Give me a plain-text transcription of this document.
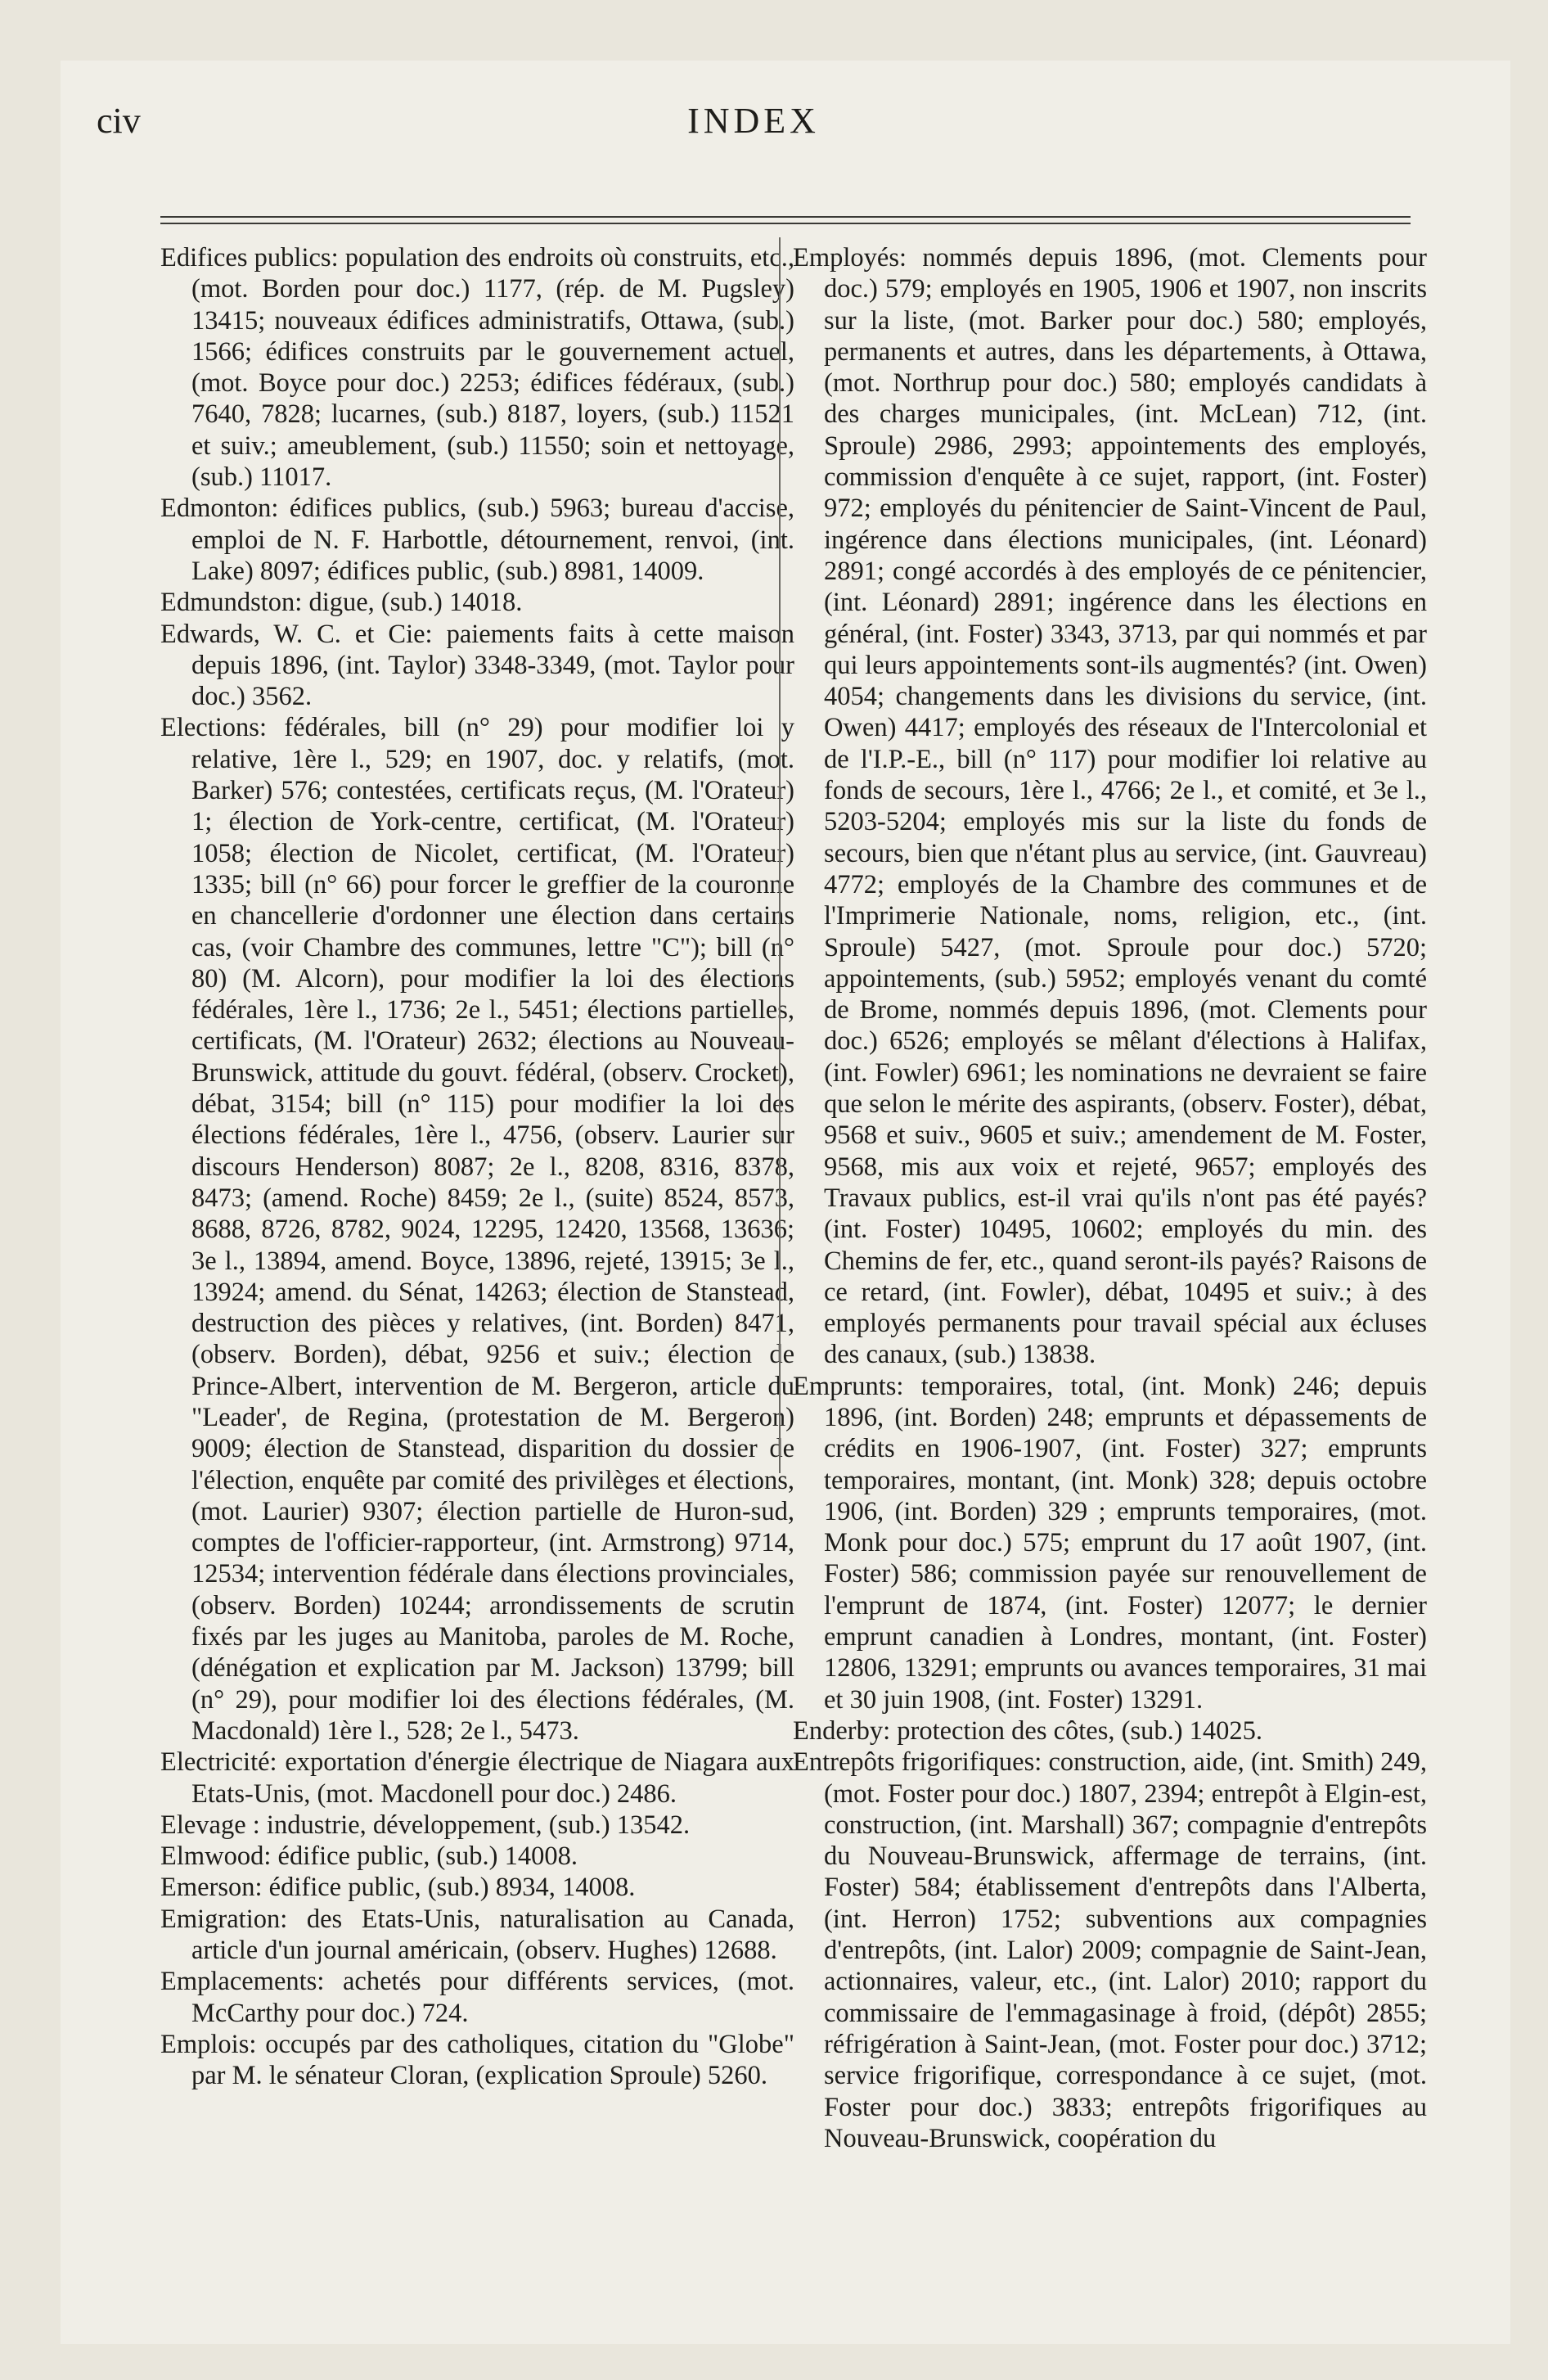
civ	INDEX

Edifices publics: population des endroits où construits, etc., (mot. Borden pour doc.) 1177, (rép. de M. Pugsley) 13415; nouveaux édifices administratifs, Ottawa, (sub.) 1566; édifices construits par le gouvernement actuel, (mot. Boyce pour doc.) 2253; édifices fédéraux, (sub.) 7640, 7828; lucarnes, (sub.) 8187, loyers, (sub.) 11521 et suiv.; ameublement, (sub.) 11550; soin et nettoyage, (sub.) 11017.

Edmonton: édifices publics, (sub.) 5963; bureau d'accise, emploi de N. F. Harbottle, détournement, renvoi, (int. Lake) 8097; édifices public, (sub.) 8981, 14009.

Edmundston: digue, (sub.) 14018.

Edwards, W. C. et Cie: paiements faits à cette maison depuis 1896, (int. Taylor) 3348-3349, (mot. Taylor pour doc.) 3562.

Elections: fédérales, bill (n° 29) pour modifier loi y relative, 1ère l., 529; en 1907, doc. y relatifs, (mot. Barker) 576; contestées, certificats reçus, (M. l'Orateur) 1; élection de York-centre, certificat, (M. l'Orateur) 1058; élection de Nicolet, certificat, (M. l'Orateur) 1335; bill (n° 66) pour forcer le greffier de la couronne en chancellerie d'ordonner une élection dans certains cas, (voir Chambre des communes, lettre "C"); bill (n° 80) (M. Alcorn), pour modifier la loi des élections fédérales, 1ère l., 1736; 2e l., 5451; élections partielles, certificats, (M. l'Orateur) 2632; élections au Nouveau-Brunswick, attitude du gouvt. fédéral, (observ. Crocket), débat, 3154; bill (n° 115) pour modifier la loi des élections fédérales, 1ère l., 4756, (observ. Laurier sur discours Henderson) 8087; 2e l., 8208, 8316, 8378, 8473; (amend. Roche) 8459; 2e l., (suite) 8524, 8573, 8688, 8726, 8782, 9024, 12295, 12420, 13568, 13636; 3e l., 13894, amend. Boyce, 13896, rejeté, 13915; 3e l., 13924; amend. du Sénat, 14263; élection de Stanstead, destruction des pièces y relatives, (int. Borden) 8471, (observ. Borden), débat, 9256 et suiv.; élection de Prince-Albert, intervention de M. Bergeron, article du "Leader', de Regina, (protestation de M. Bergeron) 9009; élection de Stanstead, disparition du dossier de l'élection, enquête par comité des privilèges et élections, (mot. Laurier) 9307; élection partielle de Huron-sud, comptes de l'officier-rapporteur, (int. Armstrong) 9714, 12534; intervention fédérale dans élections provinciales, (observ. Borden) 10244; arrondissements de scrutin fixés par les juges au Manitoba, paroles de M. Roche, (dénégation et explication par M. Jackson) 13799; bill (n° 29), pour modifier loi des élections fédérales, (M. Macdonald) 1ère l., 528; 2e l., 5473.

Electricité: exportation d'énergie électrique de Niagara aux Etats-Unis, (mot. Macdonell pour doc.) 2486.

Elevage : industrie, développement, (sub.) 13542.

Elmwood: édifice public, (sub.) 14008.

Emerson: édifice public, (sub.) 8934, 14008.

Emigration: des Etats-Unis, naturalisation au Canada, article d'un journal américain, (observ. Hughes) 12688.

Emplacements: achetés pour différents services, (mot. McCarthy pour doc.) 724.

Emplois: occupés par des catholiques, citation du "Globe" par M. le sénateur Cloran, (explication Sproule) 5260.

Employés: nommés depuis 1896, (mot. Clements pour doc.) 579; employés en 1905, 1906 et 1907, non inscrits sur la liste, (mot. Barker pour doc.) 580; employés, permanents et autres, dans les départements, à Ottawa, (mot. Northrup pour doc.) 580; employés candidats à des charges municipales, (int. McLean) 712, (int. Sproule) 2986, 2993; appointements des employés, commission d'enquête à ce sujet, rapport, (int. Foster) 972; employés du pénitencier de Saint-Vincent de Paul, ingérence dans élections municipales, (int. Léonard) 2891; congé accordés à des employés de ce pénitencier, (int. Léonard) 2891; ingérence dans les élections en général, (int. Foster) 3343, 3713, par qui nommés et par qui leurs appointements sont-ils augmentés? (int. Owen) 4054; changements dans les divisions du service, (int. Owen) 4417; employés des réseaux de l'Intercolonial et de l'I.P.-E., bill (n° 117) pour modifier loi relative au fonds de secours, 1ère l., 4766; 2e l., et comité, et 3e l., 5203-5204; employés mis sur la liste du fonds de secours, bien que n'étant plus au service, (int. Gauvreau) 4772; employés de la Chambre des communes et de l'Imprimerie Nationale, noms, religion, etc., (int. Sproule) 5427, (mot. Sproule pour doc.) 5720; appointements, (sub.) 5952; employés venant du comté de Brome, nommés depuis 1896, (mot. Clements pour doc.) 6526; employés se mêlant d'élections à Halifax, (int. Fowler) 6961; les nominations ne devraient se faire que selon le mérite des aspirants, (observ. Foster), débat, 9568 et suiv., 9605 et suiv.; amendement de M. Foster, 9568, mis aux voix et rejeté, 9657; employés des Travaux publics, est-il vrai qu'ils n'ont pas été payés? (int. Foster) 10495, 10602; employés du min. des Chemins de fer, etc., quand seront-ils payés? Raisons de ce retard, (int. Fowler), débat, 10495 et suiv.; à des employés permanents pour travail spécial aux écluses des canaux, (sub.) 13838.

Emprunts: temporaires, total, (int. Monk) 246; depuis 1896, (int. Borden) 248; emprunts et dépassements de crédits en 1906-1907, (int. Foster) 327; emprunts temporaires, montant, (int. Monk) 328; depuis octobre 1906, (int. Borden) 329 ; emprunts temporaires, (mot. Monk pour doc.) 575; emprunt du 17 août 1907, (int. Foster) 586; commission payée sur renouvellement de l'emprunt de 1874, (int. Foster) 12077; le dernier emprunt canadien à Londres, montant, (int. Foster) 12806, 13291; emprunts ou avances temporaires, 31 mai et 30 juin 1908, (int. Foster) 13291.

Enderby: protection des côtes, (sub.) 14025.

Entrepôts frigorifiques: construction, aide, (int. Smith) 249, (mot. Foster pour doc.) 1807, 2394; entrepôt à Elgin-est, construction, (int. Marshall) 367; compagnie d'entrepôts du Nouveau-Brunswick, affermage de terrains, (int. Foster) 584; établissement d'entrepôts dans l'Alberta, (int. Herron) 1752; subventions aux compagnies d'entrepôts, (int. Lalor) 2009; compagnie de Saint-Jean, actionnaires, valeur, etc., (int. Lalor) 2010; rapport du commissaire de l'emmagasinage à froid, (dépôt) 2855; réfrigération à Saint-Jean, (mot. Foster pour doc.) 3712; service frigorifique, correspondance à ce sujet, (mot. Foster pour doc.) 3833; entrepôts frigorifiques au Nouveau-Brunswick, coopération du
